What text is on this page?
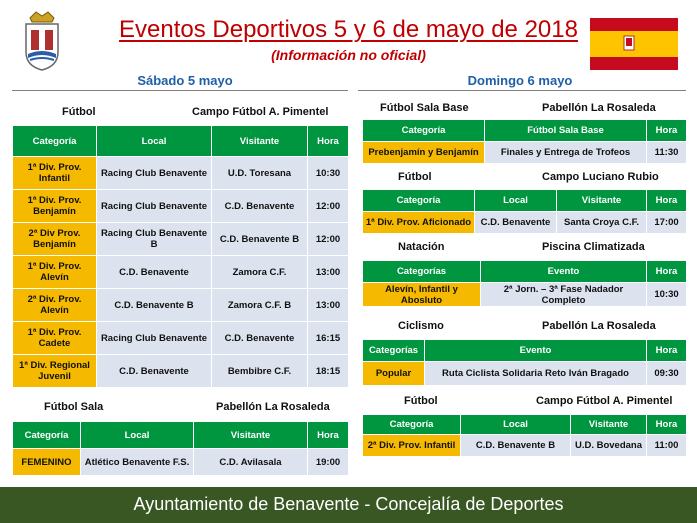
Eventos Deportivos 5 y 6 de mayo de 2018
(Información no oficial)
Sábado 5 mayo	Domingo 6 mayo
Fútbol	Campo Fútbol A. Pimentel
Categoría	Local	Visitante	Hora
1ª Div. Prov. Infantil	Racing Club Benavente	U.D. Toresana	10:30
1ª Div. Prov. Benjamín	Racing Club Benavente	C.D. Benavente	12:00
2ª Div Prov. Benjamín	Racing Club Benavente B	C.D. Benavente B	12:00
1ª Div. Prov. Alevín	C.D. Benavente	Zamora C.F.	13:00
2ª Div. Prov. Alevín	C.D. Benavente B	Zamora C.F. B	13:00
1ª Div. Prov. Cadete	Racing Club Benavente	C.D. Benavente	16:15
1ª Div. Regional Juvenil	C.D. Benavente	Bembibre C.F.	18:15
Fútbol Sala	Pabellón La Rosaleda
Categoría	Local	Visitante	Hora
FEMENINO	Atlético Benavente F.S.	C.D. Avilasala	19:00
Fútbol Sala Base	Pabellón La Rosaleda
Categoría	Fútbol Sala Base	Hora
Prebenjamín y Benjamín	Finales y Entrega de Trofeos	11:30
Fútbol	Campo Luciano Rubio
Categoría	Local	Visitante	Hora
1ª Div. Prov. Aficionado	C.D. Benavente	Santa Croya C.F.	17:00
Natación	Piscina Climatizada
Categorías	Evento	Hora
Alevín, Infantil y Abosluto	2ª Jorn. – 3ª Fase Nadador Completo	10:30
Ciclismo	Pabellón La Rosaleda
Categorías	Evento	Hora
Popular	Ruta Ciclista Solidaria Reto Iván Bragado	09:30
Fútbol	Campo Fútbol A. Pimentel
Categoría	Local	Visitante	Hora
2ª Div. Prov. Infantil	C.D. Benavente B	U.D. Bovedana	11:00
Ayuntamiento de Benavente - Concejalía de Deportes
